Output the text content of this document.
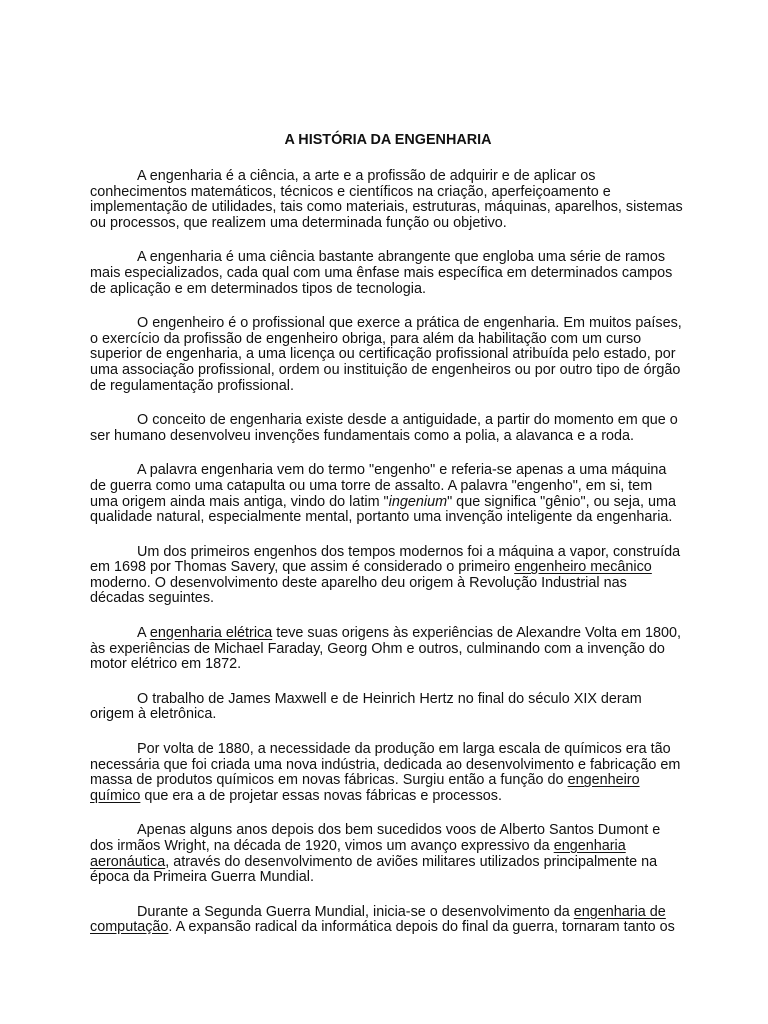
A HISTÓRIA DA ENGENHARIA
A engenharia é a ciência, a arte e a profissão de adquirir e de aplicar os
conhecimentos matemáticos, técnicos e científicos na criação, aperfeiçoamento e
implementação de utilidades, tais como materiais, estruturas, máquinas, aparelhos, sistemas
ou processos, que realizem uma determinada função ou objetivo.
A engenharia é uma ciência bastante abrangente que engloba uma série de ramos
mais especializados, cada qual com uma ênfase mais específica em determinados campos
de aplicação e em determinados tipos de tecnologia.
O engenheiro é o profissional que exerce a prática de engenharia. Em muitos países,
o exercício da profissão de engenheiro obriga, para além da habilitação com um curso
superior de engenharia, a uma licença ou certificação profissional atribuída pelo estado, por
uma associação profissional, ordem ou instituição de engenheiros ou por outro tipo de órgão
de regulamentação profissional.
O conceito de engenharia existe desde a antiguidade, a partir do momento em que o
ser humano desenvolveu invenções fundamentais como a polia, a alavanca e a roda.
A palavra engenharia vem do termo "engenho" e referia-se apenas a uma máquina
de guerra como uma catapulta ou uma torre de assalto. A palavra "engenho", em si, tem
uma origem ainda mais antiga, vindo do latim "ingenium" que significa "gênio", ou seja, uma
qualidade natural, especialmente mental, portanto uma invenção inteligente da engenharia.
Um dos primeiros engenhos dos tempos modernos foi a máquina a vapor, construída
em 1698 por Thomas Savery, que assim é considerado o primeiro engenheiro mecânico
moderno. O desenvolvimento deste aparelho deu origem à Revolução Industrial nas
décadas seguintes.
A engenharia elétrica teve suas origens às experiências de Alexandre Volta em 1800,
às experiências de Michael Faraday, Georg Ohm e outros, culminando com a invenção do
motor elétrico em 1872.
O trabalho de James Maxwell e de Heinrich Hertz no final do século XIX deram
origem à eletrônica.
Por volta de 1880, a necessidade da produção em larga escala de químicos era tão
necessária que foi criada uma nova indústria, dedicada ao desenvolvimento e fabricação em
massa de produtos químicos em novas fábricas. Surgiu então a função do engenheiro
químico que era a de projetar essas novas fábricas e processos.
Apenas alguns anos depois dos bem sucedidos voos de Alberto Santos Dumont e
dos irmãos Wright, na década de 1920, vimos um avanço expressivo da engenharia
aeronáutica, através do desenvolvimento de aviões militares utilizados principalmente na
época da Primeira Guerra Mundial.
Durante a Segunda Guerra Mundial, inicia-se o desenvolvimento da engenharia de
computação. A expansão radical da informática depois do final da guerra, tornaram tanto os
